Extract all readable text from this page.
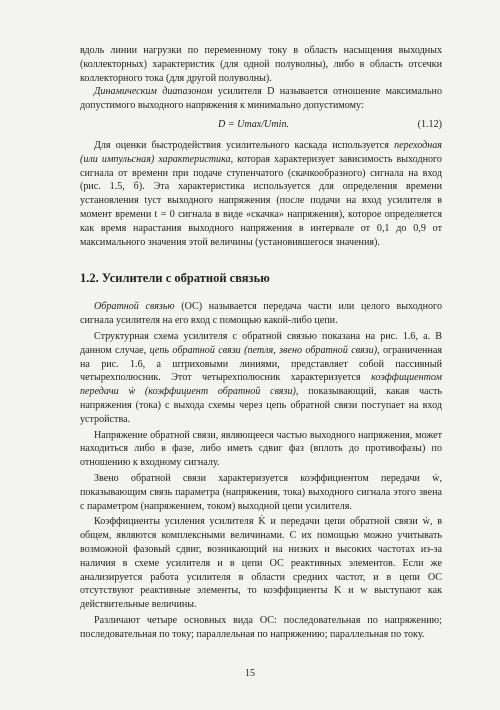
вдоль линии нагрузки по переменному току в область насыщения выходных (коллекторных) характеристик (для одной полуволны), либо в область отсечки коллекторного тока (для другой полуволны).

Динамическим диапазоном усилителя D называется отношение максимально допустимого выходного напряжения к минимально допустимому:

D = Umax/Umin.	(1.12)

Для оценки быстродействия усилительного каскада используется переходная (или импульсная) характеристика, которая характеризует зависимость выходного сигнала от времени при подаче ступенчатого (скачкообразного) сигнала на вход (рис. 1.5, б). Эта характеристика используется для определения времени установления tуст выходного напряжения (после подачи на вход усилителя в момент времени t = 0 сигнала в виде «скачка» напряжения), которое определяется как время нарастания выходного напряжения в интервале от 0,1 до 0,9 от максимального значения этой величины (установившегося значения).

1.2. Усилители с обратной связью

Обратной связью (ОС) называется передача части или целого выходного сигнала усилителя на его вход с помощью какой-либо цепи.

Структурная схема усилителя с обратной связью показана на рис. 1.6, а. В данном случае, цепь обратной связи (петля, звено обратной связи), ограниченная на рис. 1.6, а штриховыми линиями, представляет собой пассивный четырехполюсник. Этот четырехполюсник характеризуется коэффициентом передачи ẇ (коэффициент обратной связи), показывающий, какая часть напряжения (тока) с выхода схемы через цепь обратной связи поступает на вход устройства.

Напряжение обратной связи, являющееся частью выходного напряжения, может находиться либо в фазе, либо иметь сдвиг фаз (вплоть до противофазы) по отношению к входному сигналу.

Звено обратной связи характеризуется коэффициентом передачи ẇ, показывающим связь параметра (напряжения, тока) выходного сигнала этого звена с параметром (напряжением, током) выходной цепи усилителя.

Коэффициенты усиления усилителя K̇ и передачи цепи обратной связи ẇ, в общем, являются комплексными величинами. С их помощью можно учитывать возможной фазовый сдвиг, возникающий на низких и высоких частотах из-за наличия в схеме усилителя и в цепи ОС реактивных элементов. Если же анализируется работа усилителя в области средних частот, и в цепи ОС отсутствуют реактивные элементы, то коэффициенты K и w выступают как действительные величины.

Различают четыре основных вида ОС: последовательная по напряжению; последовательная по току; параллельная по напряжению; параллельная по току.

15
